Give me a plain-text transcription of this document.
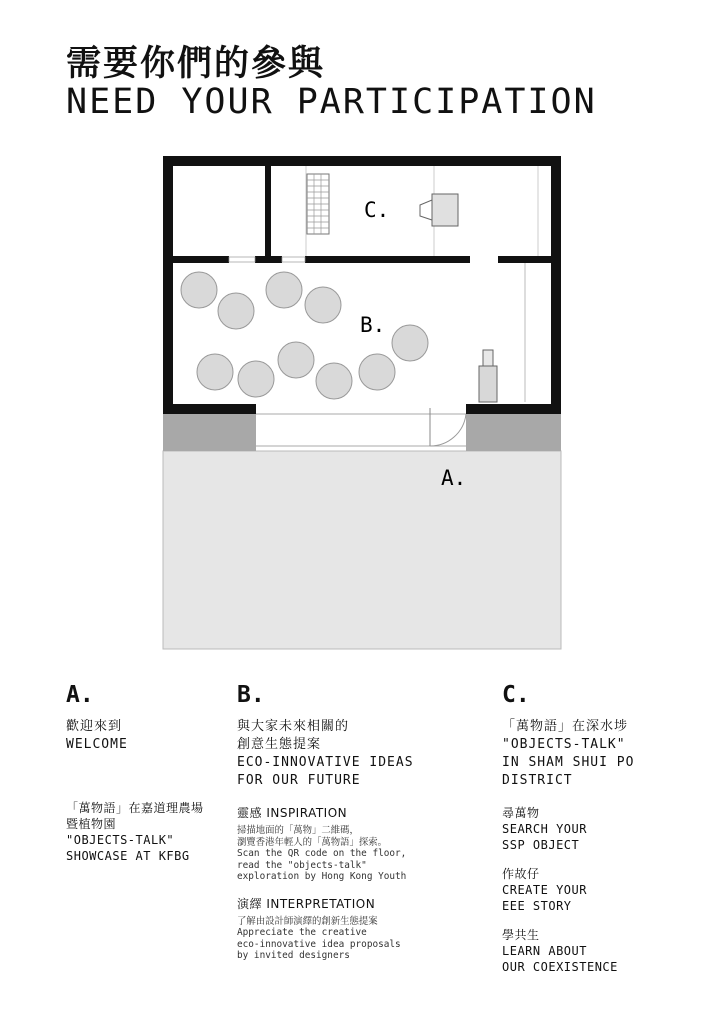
需要你們的參與
NEED YOUR PARTICIPATION
C.
B.
A.
A.
歡迎來到
WELCOME
「萬物語」在嘉道理農場
暨植物園
"OBJECTS-TALK"
SHOWCASE AT KFBG
B.
與大家未來相關的
創意生態提案
ECO-INNOVATIVE IDEAS
FOR OUR FUTURE
靈感 INSPIRATION
掃描地面的「萬物」二維碼，
瀏覽香港年輕人的「萬物語」探索。
Scan the QR code on the floor,
read the "objects-talk"
exploration by Hong Kong Youth
演繹 INTERPRETATION
了解由設計師演繹的創新生態提案
Appreciate the creative
eco-innovative idea proposals
by invited designers
C.
「萬物語」在深水埗
"OBJECTS-TALK"
IN SHAM SHUI PO
DISTRICT
尋萬物
SEARCH YOUR
SSP OBJECT
作故仔
CREATE YOUR
EEE STORY
學共生
LEARN ABOUT
OUR COEXISTENCE
